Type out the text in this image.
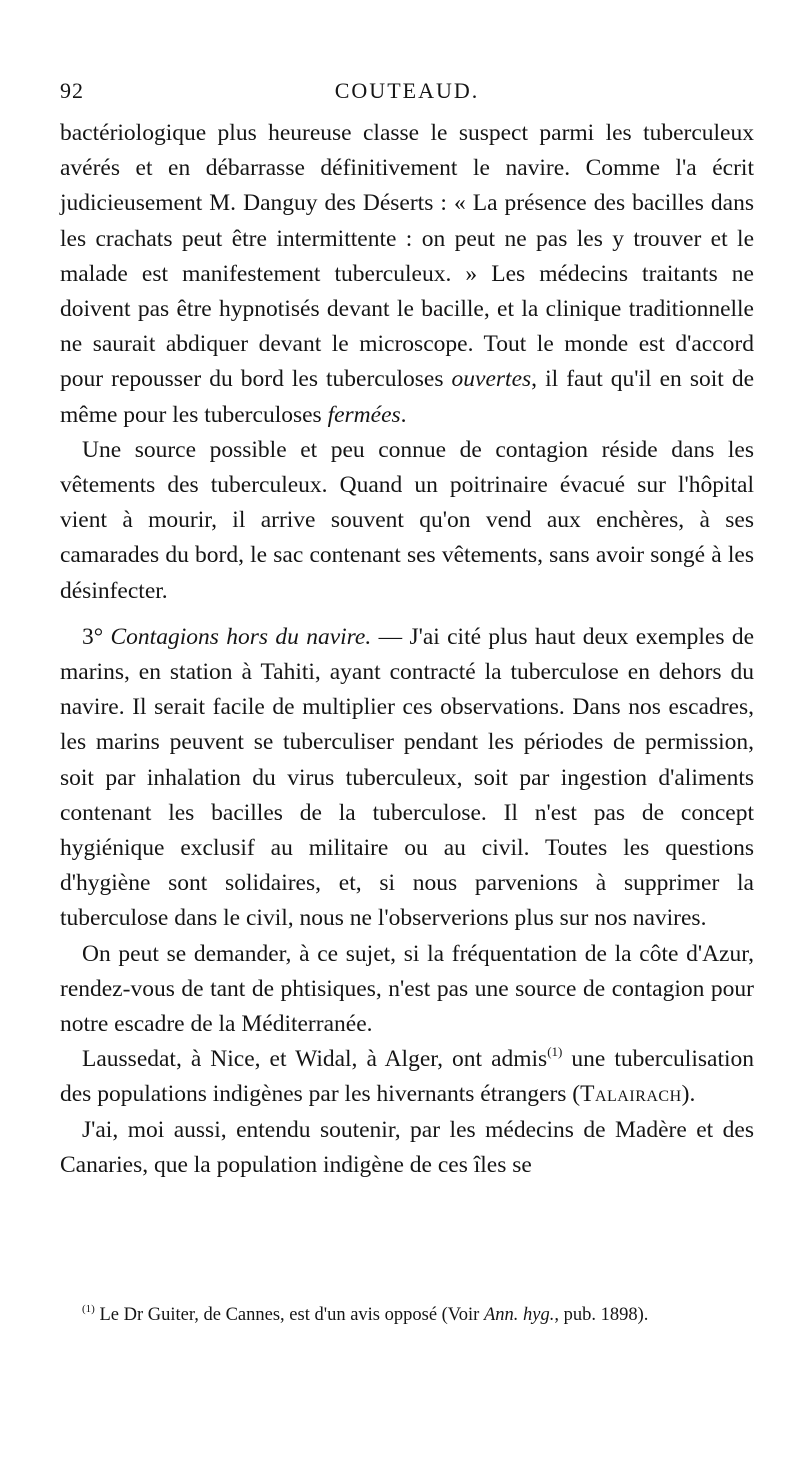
92	COUTEAUD.

bactériologique plus heureuse classe le suspect parmi les tuberculeux avérés et en débarrasse définitivement le navire. Comme l'a écrit judicieusement M. Danguy des Déserts : « La présence des bacilles dans les crachats peut être intermittente : on peut ne pas les y trouver et le malade est manifestement tuberculeux. » Les médecins traitants ne doivent pas être hypnotisés devant le bacille, et la clinique traditionnelle ne saurait abdiquer devant le microscope. Tout le monde est d'accord pour repousser du bord les tuberculoses ouvertes, il faut qu'il en soit de même pour les tuberculoses fermées.

Une source possible et peu connue de contagion réside dans les vêtements des tuberculeux. Quand un poitrinaire évacué sur l'hôpital vient à mourir, il arrive souvent qu'on vend aux enchères, à ses camarades du bord, le sac contenant ses vêtements, sans avoir songé à les désinfecter.

3° Contagions hors du navire. — J'ai cité plus haut deux exemples de marins, en station à Tahiti, ayant contracté la tuberculose en dehors du navire. Il serait facile de multiplier ces observations. Dans nos escadres, les marins peuvent se tuberculiser pendant les périodes de permission, soit par inhalation du virus tuberculeux, soit par ingestion d'aliments contenant les bacilles de la tuberculose. Il n'est pas de concept hygiénique exclusif au militaire ou au civil. Toutes les questions d'hygiène sont solidaires, et, si nous parvenions à supprimer la tuberculose dans le civil, nous ne l'observerions plus sur nos navires.

On peut se demander, à ce sujet, si la fréquentation de la côte d'Azur, rendez-vous de tant de phtisiques, n'est pas une source de contagion pour notre escadre de la Méditerranée.

Laussedat, à Nice, et Widal, à Alger, ont admis$^{(1)}$ une tuberculisation des populations indigènes par les hivernants étrangers (Talairach).

J'ai, moi aussi, entendu soutenir, par les médecins de Madère et des Canaries, que la population indigène de ces îles se

$^{(1)}$ Le Dr Guiter, de Cannes, est d'un avis opposé (Voir Ann. hyg., pub. 1898).
